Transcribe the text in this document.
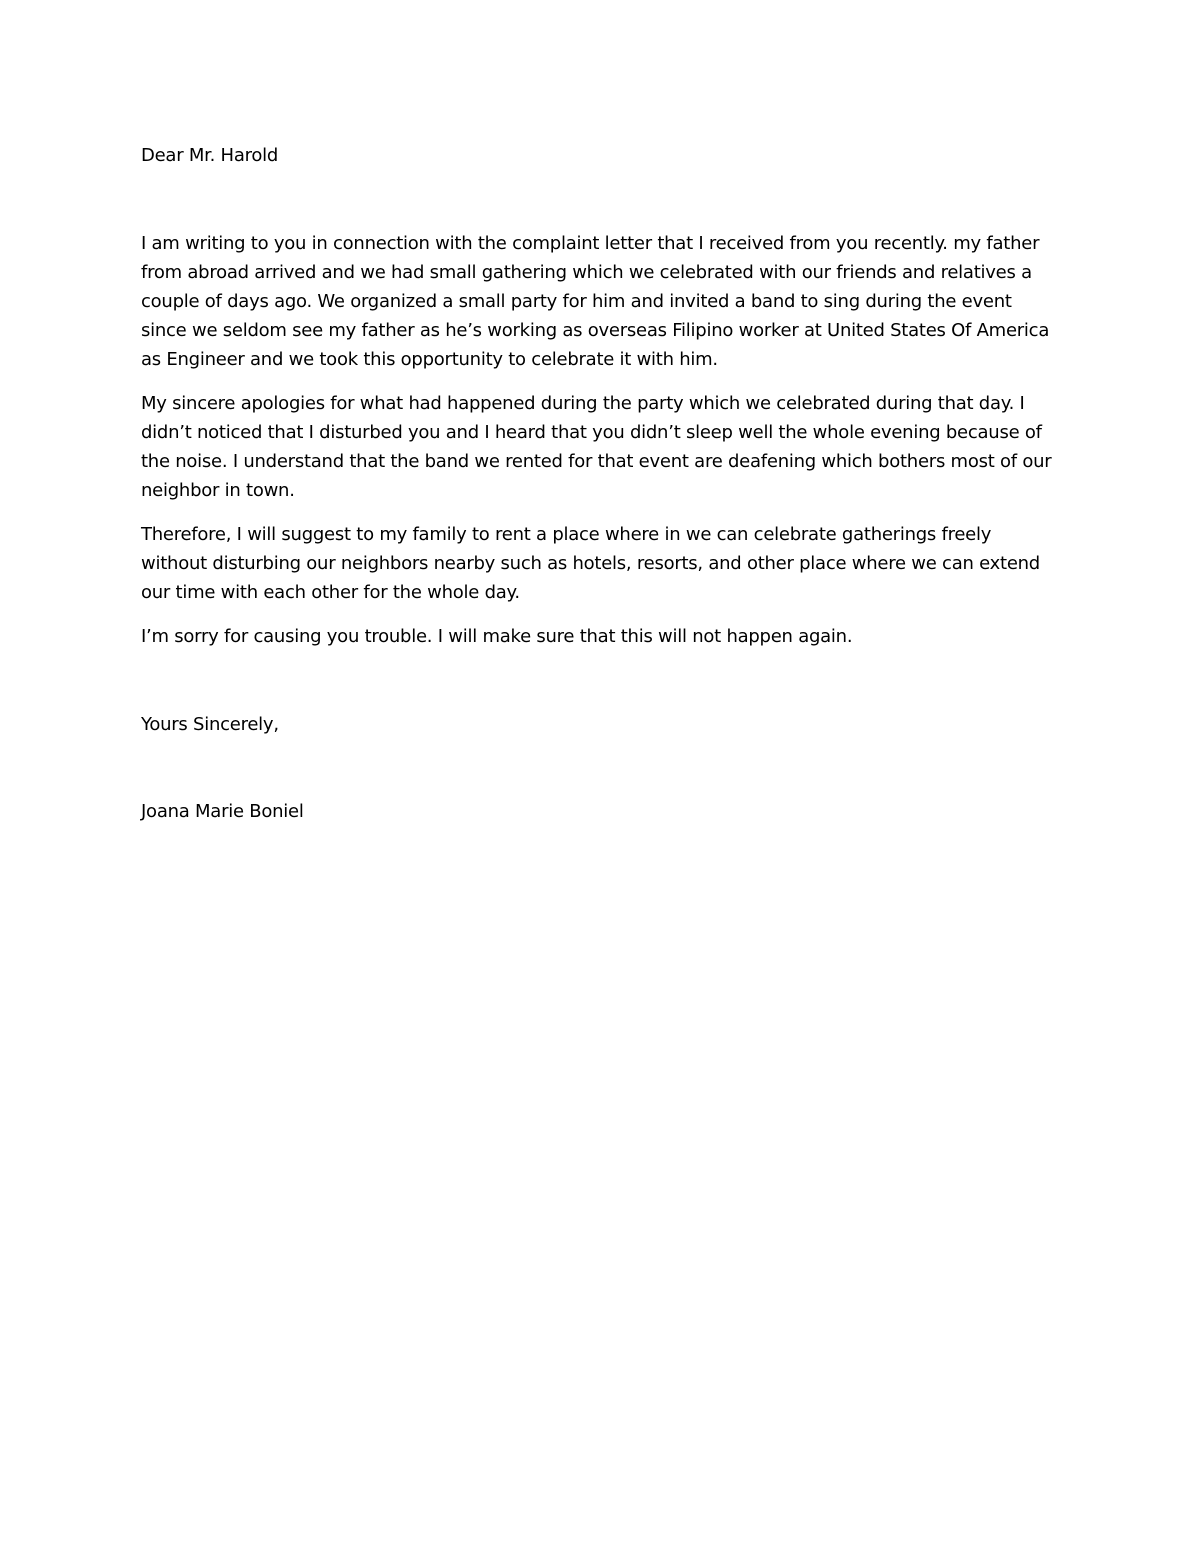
Dear Mr. Harold

I am writing to you in connection with the complaint letter that I received from you recently. my father from abroad arrived and we had small gathering which we celebrated with our friends and relatives a couple of days ago. We organized a small party for him and invited a band to sing during the event since we seldom see my father as he’s working as overseas Filipino worker at United States Of America as Engineer and we took this opportunity to celebrate it with him.

My sincere apologies for what had happened during the party which we celebrated during that day. I didn’t noticed that I disturbed you and I heard that you didn’t sleep well the whole evening because of the noise. I understand that the band we rented for that event are deafening which bothers most of our neighbor in town.

Therefore, I will suggest to my family to rent a place where in we can celebrate gatherings freely without disturbing our neighbors nearby such as hotels, resorts, and other place where we can extend our time with each other for the whole day.

I’m sorry for causing you trouble. I will make sure that this will not happen again.

Yours Sincerely,

Joana Marie Boniel
